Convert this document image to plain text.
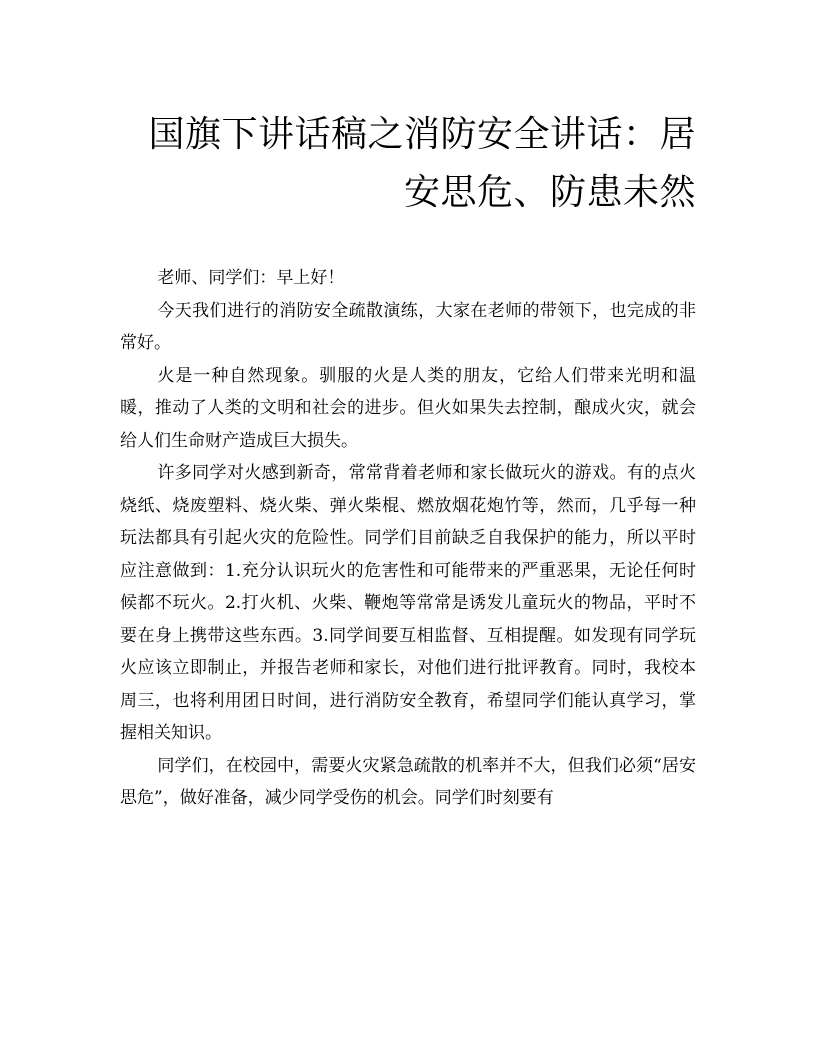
国旗下讲话稿之消防安全讲话：居安思危、防患未然

老师、同学们：早上好！

今天我们进行的消防安全疏散演练，大家在老师的带领下，也完成的非常好。

火是一种自然现象。驯服的火是人类的朋友，它给人们带来光明和温暖，推动了人类的文明和社会的进步。但火如果失去控制，酿成火灾，就会给人们生命财产造成巨大损失。

许多同学对火感到新奇，常常背着老师和家长做玩火的游戏。有的点火烧纸、烧废塑料、烧火柴、弹火柴棍、燃放烟花炮竹等，然而，几乎每一种玩法都具有引起火灾的危险性。同学们目前缺乏自我保护的能力，所以平时应注意做到：1.充分认识玩火的危害性和可能带来的严重恶果，无论任何时候都不玩火。2.打火机、火柴、鞭炮等常常是诱发儿童玩火的物品，平时不要在身上携带这些东西。3.同学间要互相监督、互相提醒。如发现有同学玩火应该立即制止，并报告老师和家长，对他们进行批评教育。同时，我校本周三，也将利用团日时间，进行消防安全教育，希望同学们能认真学习，掌握相关知识。

同学们，在校园中，需要火灾紧急疏散的机率并不大，但我们必须“居安思危”，做好准备，减少同学受伤的机会。同学们时刻要有
